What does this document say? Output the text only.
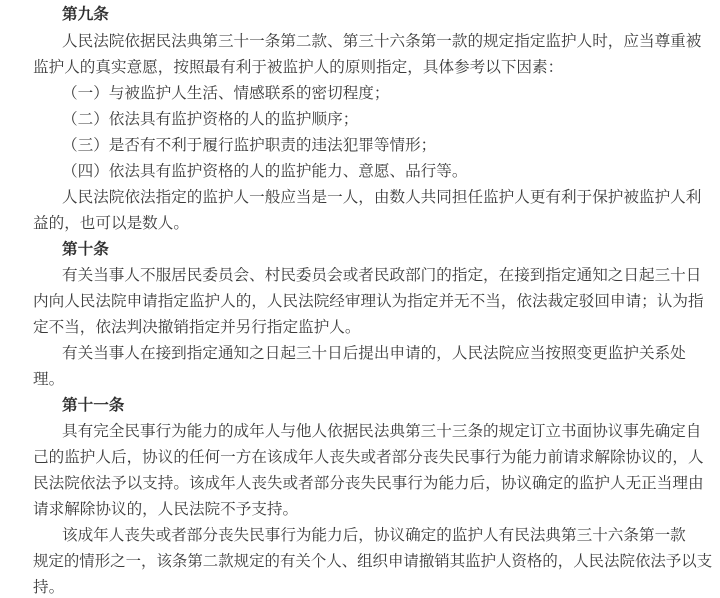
第九条
人民法院依据民法典第三十一条第二款、第三十六条第一款的规定指定监护人时，应当尊重被
监护人的真实意愿，按照最有利于被监护人的原则指定，具体参考以下因素：
（一）与被监护人生活、情感联系的密切程度；
（二）依法具有监护资格的人的监护顺序；
（三）是否有不利于履行监护职责的违法犯罪等情形；
（四）依法具有监护资格的人的监护能力、意愿、品行等。
人民法院依法指定的监护人一般应当是一人，由数人共同担任监护人更有利于保护被监护人利
益的，也可以是数人。
第十条
有关当事人不服居民委员会、村民委员会或者民政部门的指定，在接到指定通知之日起三十日
内向人民法院申请指定监护人的，人民法院经审理认为指定并无不当，依法裁定驳回申请；认为指
定不当，依法判决撤销指定并另行指定监护人。
有关当事人在接到指定通知之日起三十日后提出申请的，人民法院应当按照变更监护关系处
理。
第十一条
具有完全民事行为能力的成年人与他人依据民法典第三十三条的规定订立书面协议事先确定自
己的监护人后，协议的任何一方在该成年人丧失或者部分丧失民事行为能力前请求解除协议的，人
民法院依法予以支持。该成年人丧失或者部分丧失民事行为能力后，协议确定的监护人无正当理由
请求解除协议的，人民法院不予支持。
该成年人丧失或者部分丧失民事行为能力后，协议确定的监护人有民法典第三十六条第一款
规定的情形之一，该条第二款规定的有关个人、组织申请撤销其监护人资格的，人民法院依法予以支
持。
